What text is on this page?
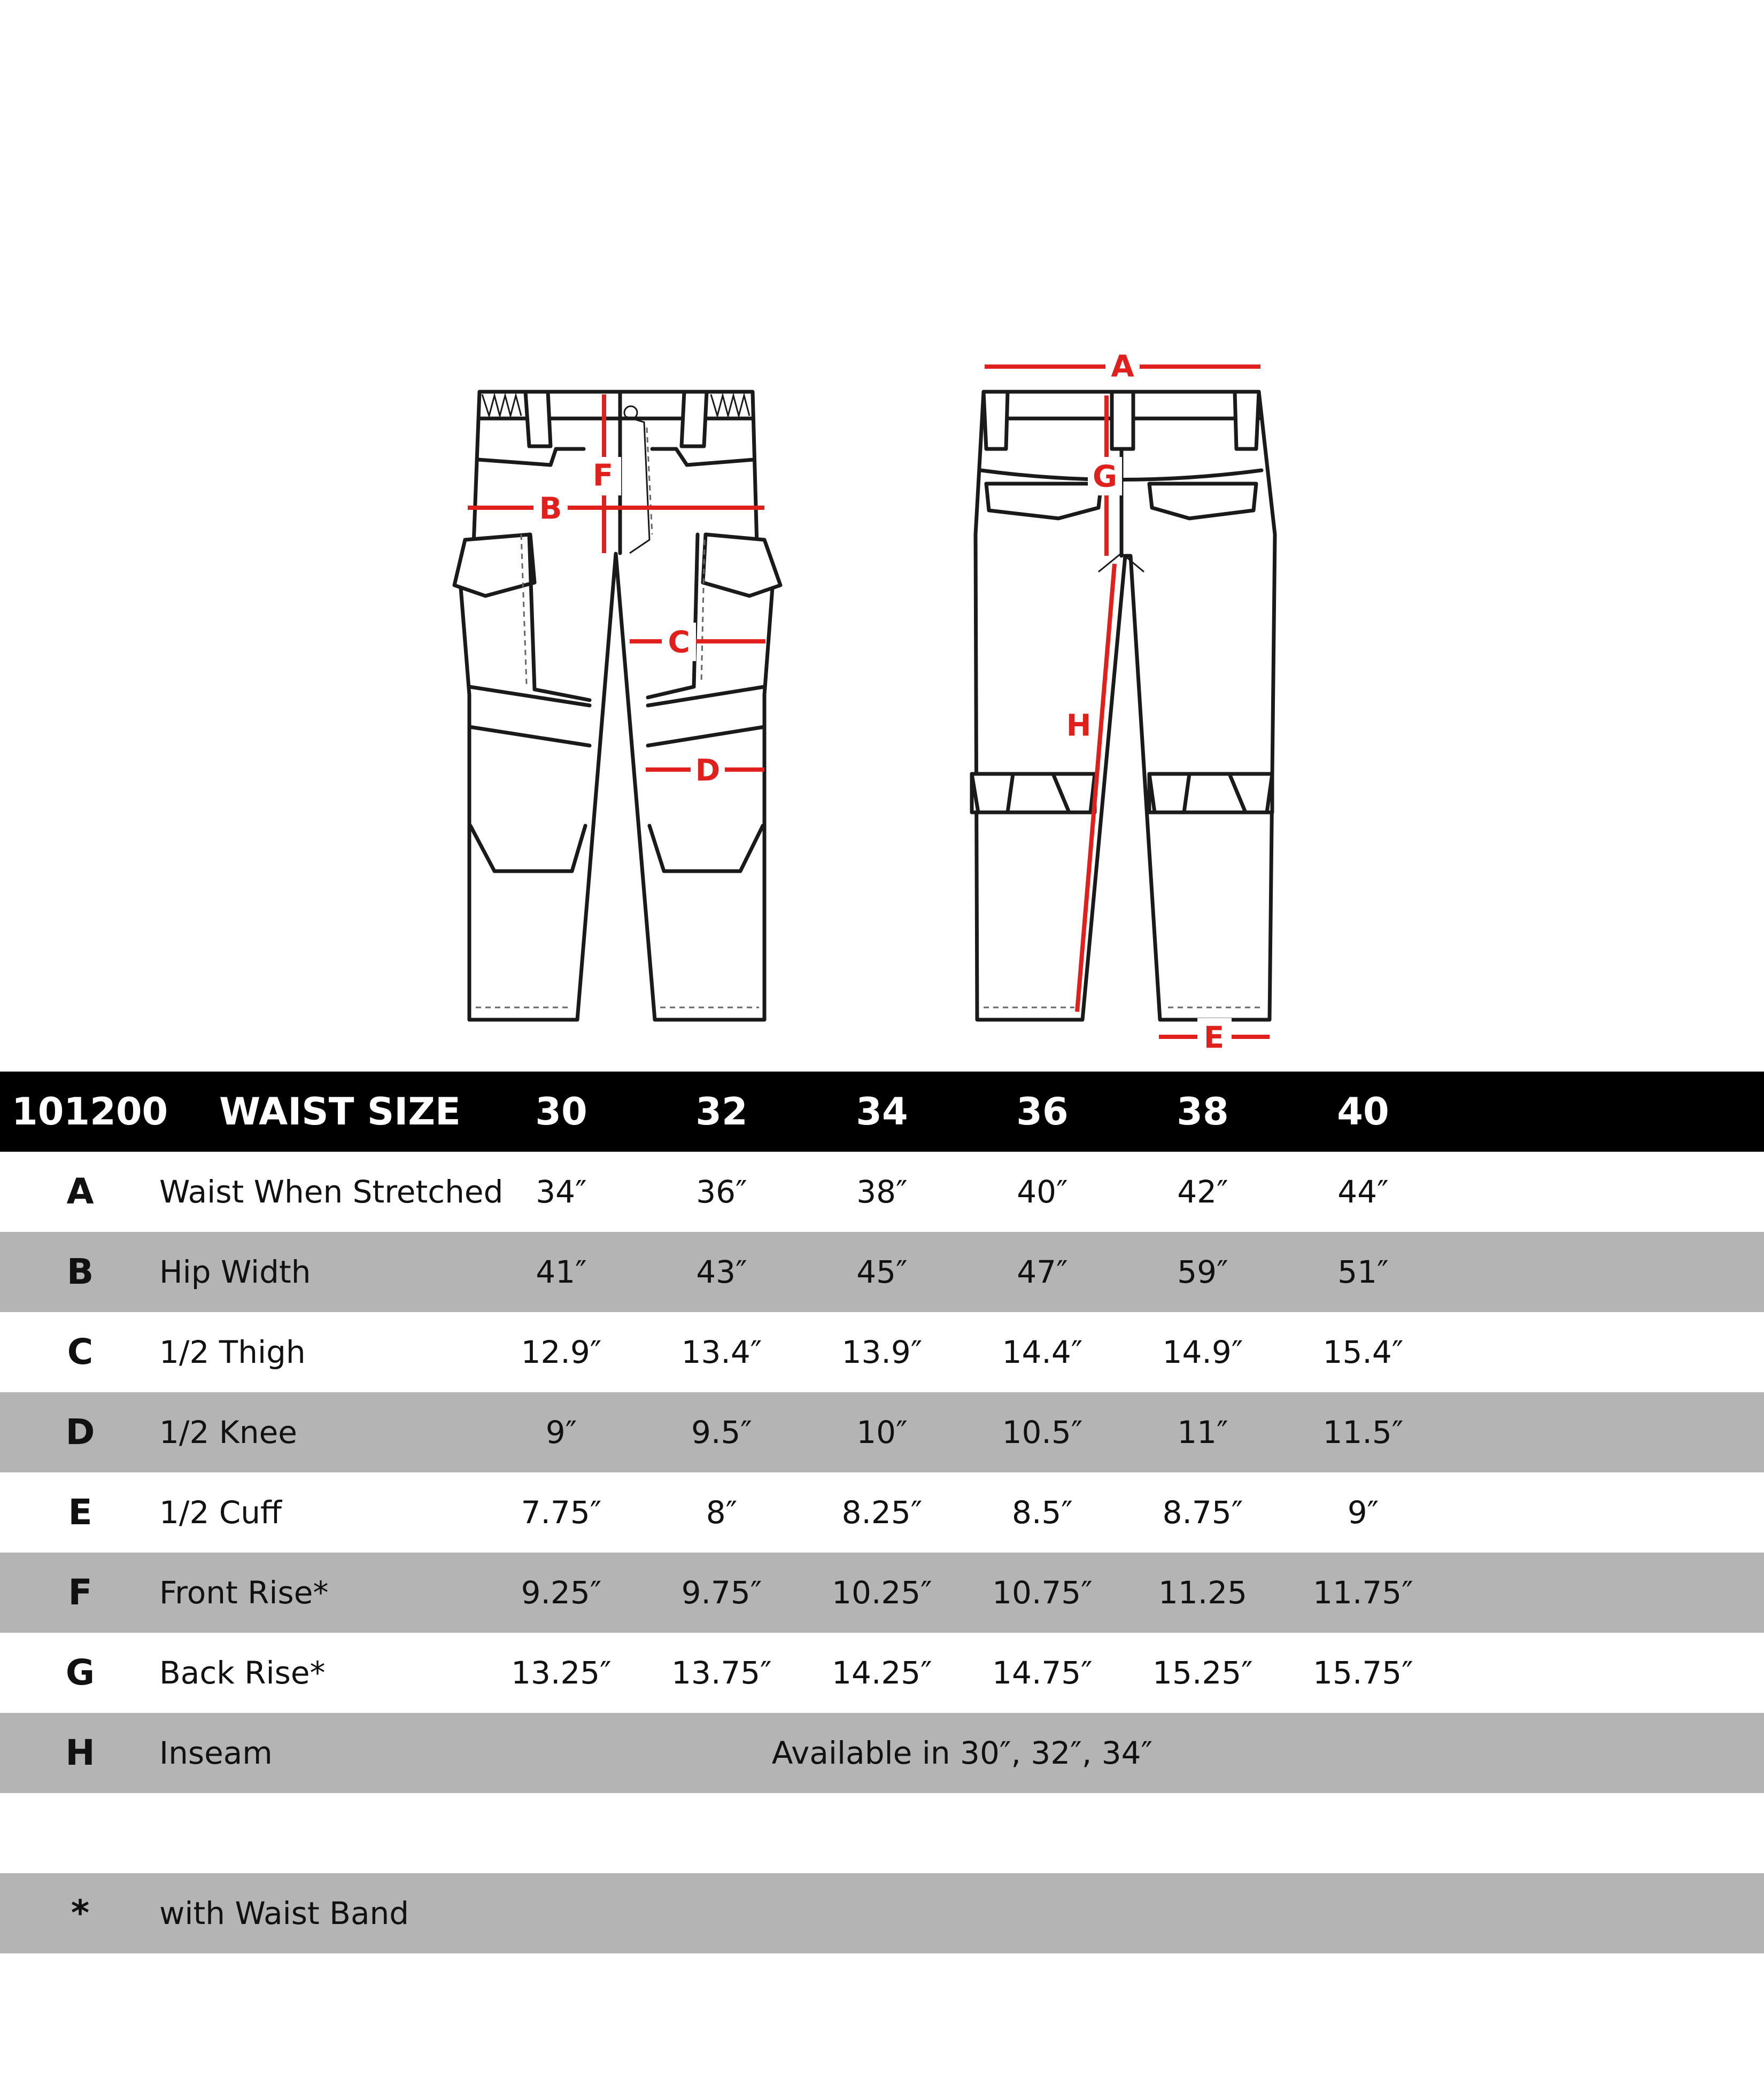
A
B
F
C
D
G
H
E
101200 WAIST SIZE	30	32	34	36	38	40
A	Waist When Stretched	34″	36″	38″	40″	42″	44″
B	Hip Width	41″	43″	45″	47″	59″	51″
C	1/2 Thigh	12.9″	13.4″	13.9″	14.4″	14.9″	15.4″
D	1/2 Knee	9″	9.5″	10″	10.5″	11″	11.5″
E	1/2 Cuff	7.75″	8″	8.25″	8.5″	8.75″	9″
F	Front Rise*	9.25″	9.75″	10.25″	10.75″	11.25	11.75″
G	Back Rise*	13.25″	13.75″	14.25″	14.75″	15.25″	15.75″
H	Inseam	Available in 30″, 32″, 34″
*	with Waist Band
